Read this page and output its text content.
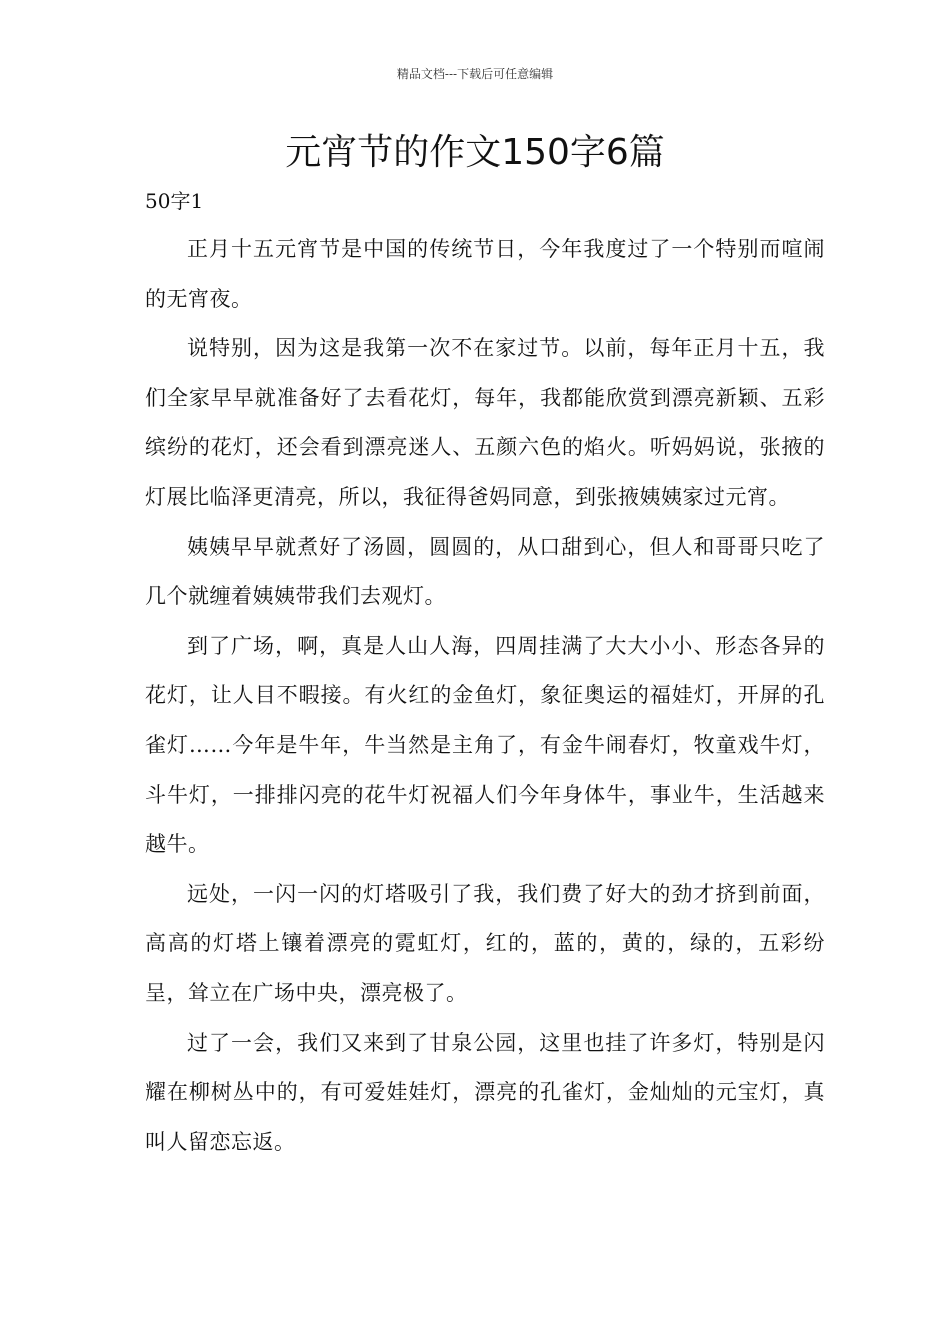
精品文档---下载后可任意编辑
元宵节的作文150字6篇
50字1

正月十五元宵节是中国的传统节日，今年我度过了一个特别而喧闹的无宵夜。

说特别，因为这是我第一次不在家过节。以前，每年正月十五，我们全家早早就准备好了去看花灯，每年，我都能欣赏到漂亮新颖、五彩缤纷的花灯，还会看到漂亮迷人、五颜六色的焰火。听妈妈说，张掖的灯展比临泽更清亮，所以，我征得爸妈同意，到张掖姨姨家过元宵。

姨姨早早就煮好了汤圆，圆圆的，从口甜到心，但人和哥哥只吃了几个就缠着姨姨带我们去观灯。

到了广场，啊，真是人山人海，四周挂满了大大小小、形态各异的花灯，让人目不暇接。有火红的金鱼灯，象征奥运的福娃灯，开屏的孔雀灯……今年是牛年，牛当然是主角了，有金牛闹春灯，牧童戏牛灯，斗牛灯，一排排闪亮的花牛灯祝福人们今年身体牛，事业牛，生活越来越牛。

远处，一闪一闪的灯塔吸引了我，我们费了好大的劲才挤到前面，高高的灯塔上镶着漂亮的霓虹灯，红的，蓝的，黄的，绿的，五彩纷呈，耸立在广场中央，漂亮极了。

过了一会，我们又来到了甘泉公园，这里也挂了许多灯，特别是闪耀在柳树丛中的，有可爱娃娃灯，漂亮的孔雀灯，金灿灿的元宝灯，真叫人留恋忘返。
